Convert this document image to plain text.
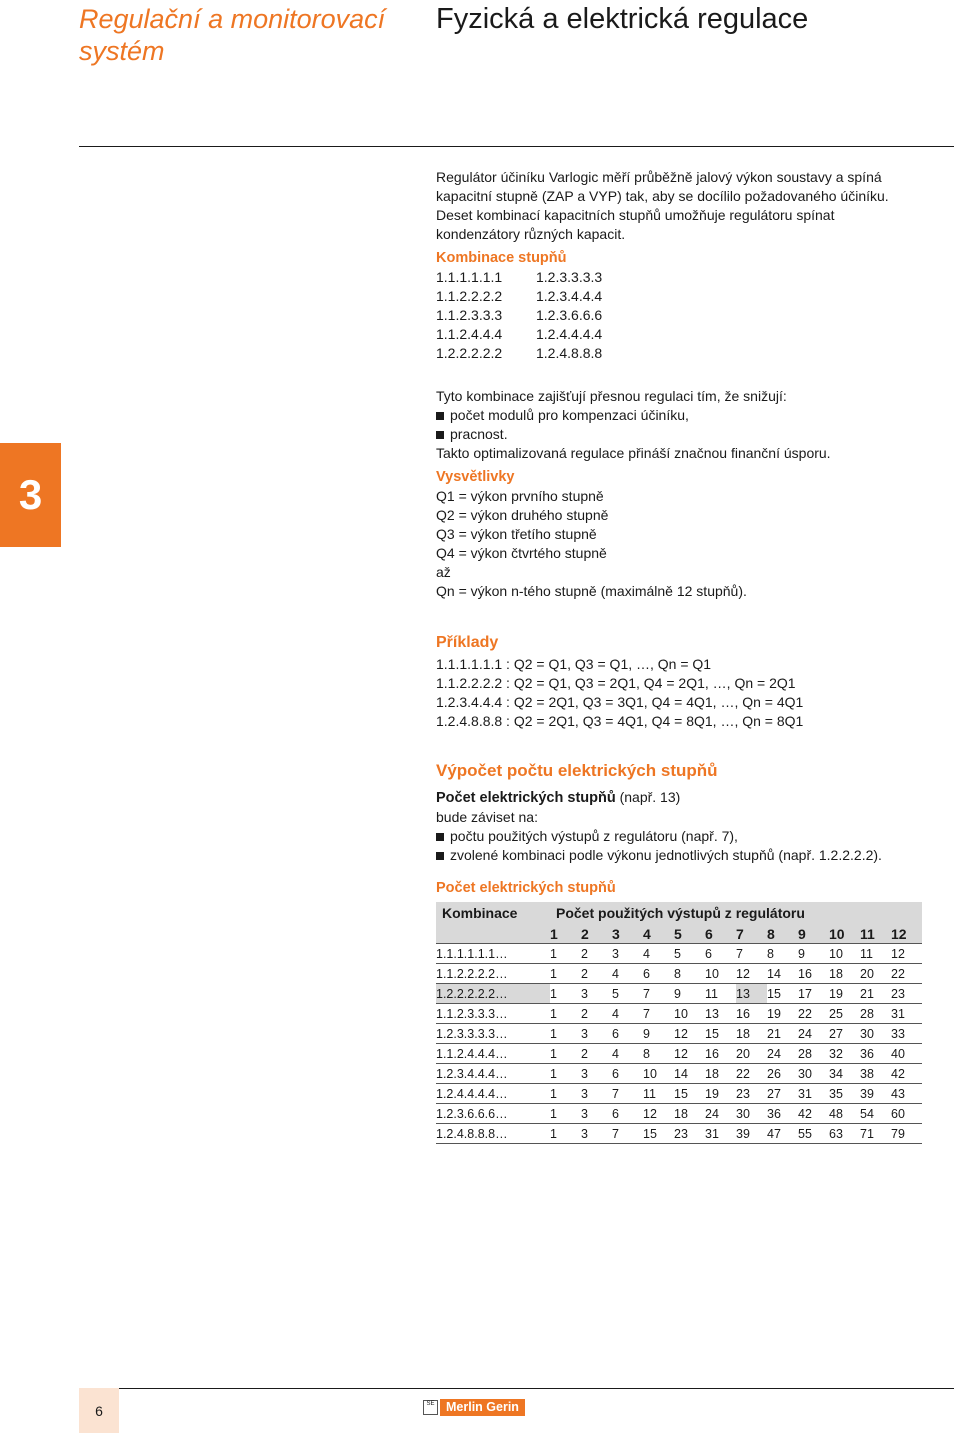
Regulační a monitorovací systém
Fyzická a elektrická regulace
3

Regulátor účiníku Varlogic měří průběžně jalový výkon soustavy a spíná

kapacitní stupně (ZAP a VYP) tak, aby se docílilo požadovaného účiníku.

Deset kombinací kapacitních stupňů umožňuje regulátoru spínat

kondenzátory různých kapacit.

Kombinace stupňů

1.1.1.1.1.1	1.2.3.3.3.3
1.1.2.2.2.2	1.2.3.4.4.4
1.1.2.3.3.3	1.2.3.6.6.6
1.1.2.4.4.4	1.2.4.4.4.4
1.2.2.2.2.2	1.2.4.8.8.8

Tyto kombinace zajišťují přesnou regulaci tím, že snižují:

počet modulů pro kompenzaci účiníku,

pracnost.

Takto optimalizovaná regulace přináší značnou finanční úsporu.

Vysvětlivky

Q1 = výkon prvního stupně

Q2 = výkon druhého stupně

Q3 = výkon třetího stupně

Q4 = výkon čtvrtého stupně

až

Qn = výkon n-tého stupně (maximálně 12 stupňů).

Příklady

1.1.1.1.1.1 : Q2 = Q1, Q3 = Q1, …, Qn = Q1

1.1.2.2.2.2 : Q2 = Q1, Q3 = 2Q1, Q4 = 2Q1, …, Qn = 2Q1

1.2.3.4.4.4 : Q2 = 2Q1, Q3 = 3Q1, Q4 = 4Q1, …, Qn = 4Q1

1.2.4.8.8.8 : Q2 = 2Q1, Q3 = 4Q1, Q4 = 8Q1, …, Qn = 8Q1

Výpočet počtu elektrických stupňů

Počet elektrických stupňů (např. 13)

bude záviset na:

počtu použitých výstupů z regulátoru (např. 7),

zvolené kombinaci podle výkonu jednotlivých stupňů (např. 1.2.2.2.2).

Počet elektrických stupňů

Kombinace	Počet použitých výstupů z regulátoru											
	1	2	3	4	5	6	7	8	9	10	11	12
1.1.1.1.1.1…	1	2	3	4	5	6	7	8	9	10	11	12
1.1.2.2.2.2…	1	2	4	6	8	10	12	14	16	18	20	22
1.2.2.2.2.2…	1	3	5	7	9	11	13	15	17	19	21	23
1.1.2.3.3.3…	1	2	4	7	10	13	16	19	22	25	28	31
1.2.3.3.3.3…	1	3	6	9	12	15	18	21	24	27	30	33
1.1.2.4.4.4…	1	2	4	8	12	16	20	24	28	32	36	40
1.2.3.4.4.4…	1	3	6	10	14	18	22	26	30	34	38	42
1.2.4.4.4.4…	1	3	7	11	15	19	23	27	31	35	39	43
1.2.3.6.6.6…	1	3	6	12	18	24	30	36	42	48	54	60
1.2.4.8.8.8…	1	3	7	15	23	31	39	47	55	63	71	79
6	SE Merlin Gerin
